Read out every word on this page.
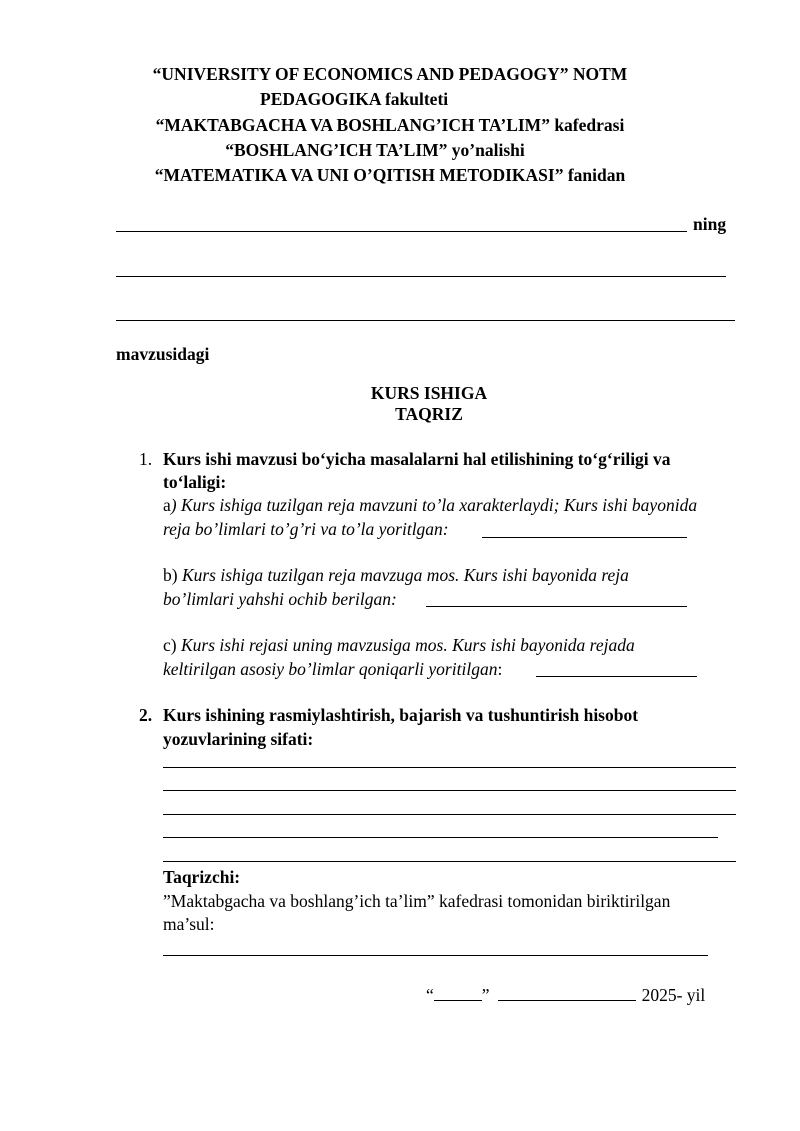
“UNIVERSITY OF ECONOMICS AND PEDAGOGY” NOTM
PEDAGOGIKA fakulteti
“MAKTABGACHA VA BOSHLANG’ICH TA’LIM” kafedrasi
“BOSHLANG’ICH TA’LIM” yo’nalishi
“MATEMATIKA VA UNI O’QITISH METODIKASI” fanidan
ning
mavzusidagi
KURS ISHIGA
TAQRIZ
1. Kurs ishi mavzusi bo‘yicha masalalarni hal etilishining to‘g‘riligi va
to‘laligi:
a) Kurs ishiga tuzilgan reja mavzuni to’la xarakterlaydi; Kurs ishi bayonida
reja bo’limlari to’g’ri va to’la yoritlgan:
b) Kurs ishiga tuzilgan reja mavzuga mos. Kurs ishi bayonida reja
bo’limlari yahshi ochib berilgan:
c) Kurs ishi rejasi uning mavzusiga mos. Kurs ishi bayonida rejada
keltirilgan asosiy bo’limlar qoniqarli yoritilgan:
2. Kurs ishining rasmiylashtirish, bajarish va tushuntirish hisobot
yozuvlarining sifati:
Taqrizchi:
”Maktabgacha va boshlang’ich ta’lim” kafedrasi tomonidan biriktirilgan
ma’sul:
“	”	2025- yil
